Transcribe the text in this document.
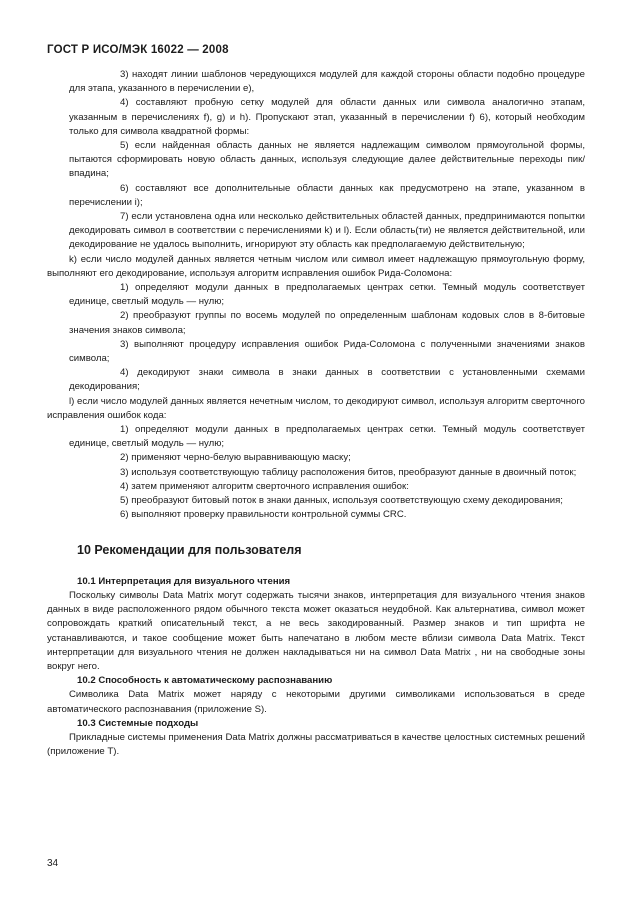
ГОСТ Р ИСО/МЭК 16022 — 2008

3) находят линии шаблонов чередующихся модулей для каждой стороны области подобно процедуре для этапа, указанного в перечислении е),

4) составляют пробную сетку модулей для области данных или символа аналогично этапам, указанным в перечислениях f), g) и h). Пропускают этап, указанный в перечислении f) 6), который необходим только для символа квадратной формы:

5) если найденная область данных не является надлежащим символом прямоугольной формы, пытаются сформировать новую область данных, используя следующие далее действительные переходы пик/впадина;

6) составляют все дополнительные области данных как предусмотрено на этапе, указанном в перечислении i);

7) если установлена одна или несколько действительных областей данных, предпринимаются попытки декодировать символ в соответствии с перечислениями k) и l). Если область(ти) не является действительной, или декодирование не удалось выполнить, игнорируют эту область как предполагаемую действительную;

k) если число модулей данных является четным числом или символ имеет надлежащую прямоугольную форму, выполняют его декодирование, используя алгоритм исправления ошибок Рида-Соломона:

1) определяют модули данных в предполагаемых центрах сетки. Темный модуль соответствует единице, светлый модуль — нулю;

2) преобразуют группы по восемь модулей по определенным шаблонам кодовых слов в 8-битовые значения знаков символа;

3) выполняют процедуру исправления ошибок Рида-Соломона с полученными значениями знаков символа;

4) декодируют знаки символа в знаки данных в соответствии с установленными схемами декодирования;

l) если число модулей данных является нечетным числом, то декодируют символ, используя алгоритм сверточного исправления ошибок кода:

1) определяют модули данных в предполагаемых центрах сетки. Темный модуль соответствует единице, светлый модуль — нулю;

2) применяют черно-белую выравнивающую маску;

3) используя соответствующую таблицу расположения битов, преобразуют данные в двоичный поток;

4) затем применяют алгоритм сверточного исправления ошибок:

5) преобразуют битовый поток в знаки данных, используя соответствующую схему декодирования;

6) выполняют проверку правильности контрольной суммы CRC.

10 Рекомендации для пользователя

10.1 Интерпретация для визуального чтения

Поскольку символы Data Matrix могут содержать тысячи знаков, интерпретация для визуального чтения знаков данных в виде расположенного рядом обычного текста может оказаться неудобной. Как альтернатива, символ может сопровождать краткий описательный текст, а не весь закодированный. Размер знаков и тип шрифта не устанавливаются, и такое сообщение может быть напечатано в любом месте вблизи символа Data Matrix. Текст интерпретации для визуального чтения не должен накладываться ни на символ Data Matrix , ни на свободные зоны вокруг него.

10.2 Способность к автоматическому распознаванию

Символика Data Matrix может наряду с некоторыми другими символиками использоваться в среде автоматического распознавания (приложение S).

10.3 Системные подходы

Прикладные системы применения Data Matrix должны рассматриваться в качестве целостных системных решений (приложение Т).

34
